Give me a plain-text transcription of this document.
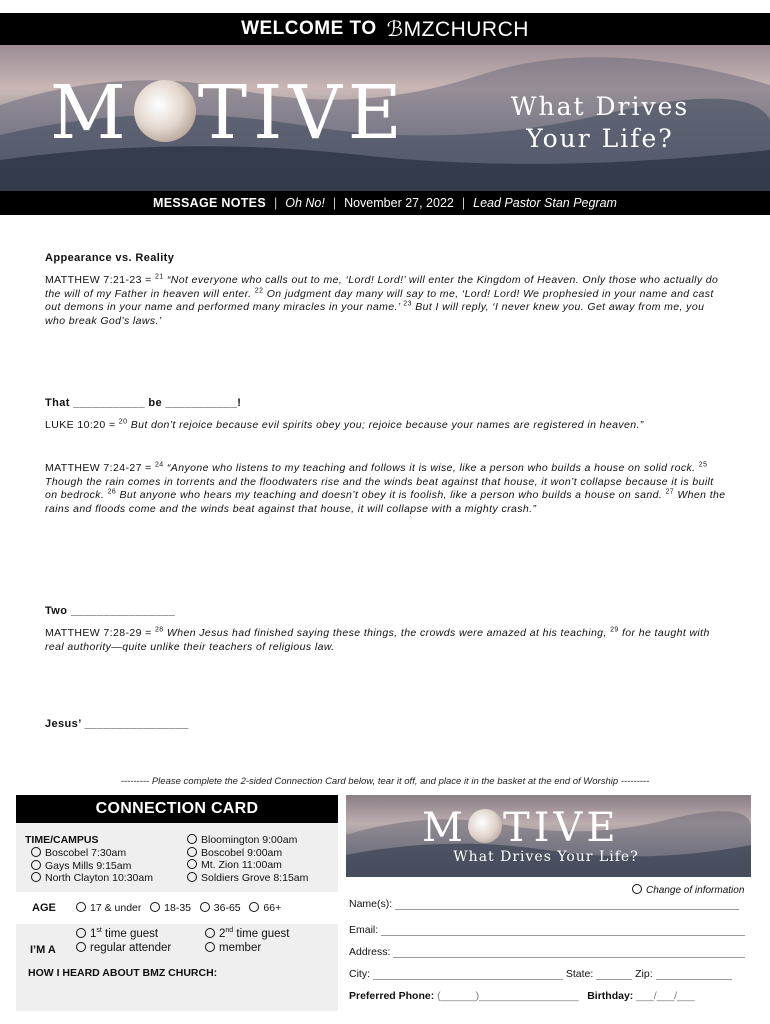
WELCOME TO ℬMZCHURCH
M TIVE	What Drives
Your Life?
MESSAGE NOTES | Oh No! | November 27, 2022 | Lead Pastor Stan Pegram
Appearance vs. Reality
MATTHEW 7:21-23 = $^{21}$ “Not everyone who calls out to me, ‘Lord! Lord!’ will enter the Kingdom of Heaven. Only those who actually do the will of my Father in heaven will enter. $^{22}$ On judgment day many will say to me, ‘Lord! Lord! We prophesied in your name and cast out demons in your name and performed many miracles in your name.’ $^{23}$ But I will reply, ‘I never knew you. Get away from me, you who break God’s laws.’
That ___________ be ___________!
LUKE 10:20 = $^{20}$ But don’t rejoice because evil spirits obey you; rejoice because your names are registered in heaven.”
MATTHEW 7:24-27 = $^{24}$ “Anyone who listens to my teaching and follows it is wise, like a person who builds a house on solid rock. $^{25}$ Though the rain comes in torrents and the floodwaters rise and the winds beat against that house, it won’t collapse because it is built on bedrock. $^{26}$ But anyone who hears my teaching and doesn’t obey it is foolish, like a person who builds a house on sand. $^{27}$ When the rains and floods come and the winds beat against that house, it will collapse with a mighty crash.”
Two ________________
MATTHEW 7:28-29 = $^{28}$ When Jesus had finished saying these things, the crowds were amazed at his teaching, $^{29}$ for he taught with real authority—quite unlike their teachers of religious law.
Jesus’ ________________
--------- Please complete the 2-sided Connection Card below, tear it off, and place it in the basket at the end of Worship ---------
CONNECTION CARD
TIME/CAMPUS
Boscobel 7:30am
Gays Mills 9:15am
North Clayton 10:30am
Bloomington 9:00am
Boscobel 9:00am
Mt. Zion 11:00am
Soldiers Grove 8:15am
AGE	17 & under 18-35 36-65 66+
I’M A
1st time guest
regular attender
2nd time guest
member
HOW I HEARD ABOUT BMZ CHURCH:
M TIVE
What Drives Your Life?
Change of information
Name(s):
Email:
Address:
City:	State:	Zip:
Preferred Phone: (______)_________________ Birthday: ___/___/___
